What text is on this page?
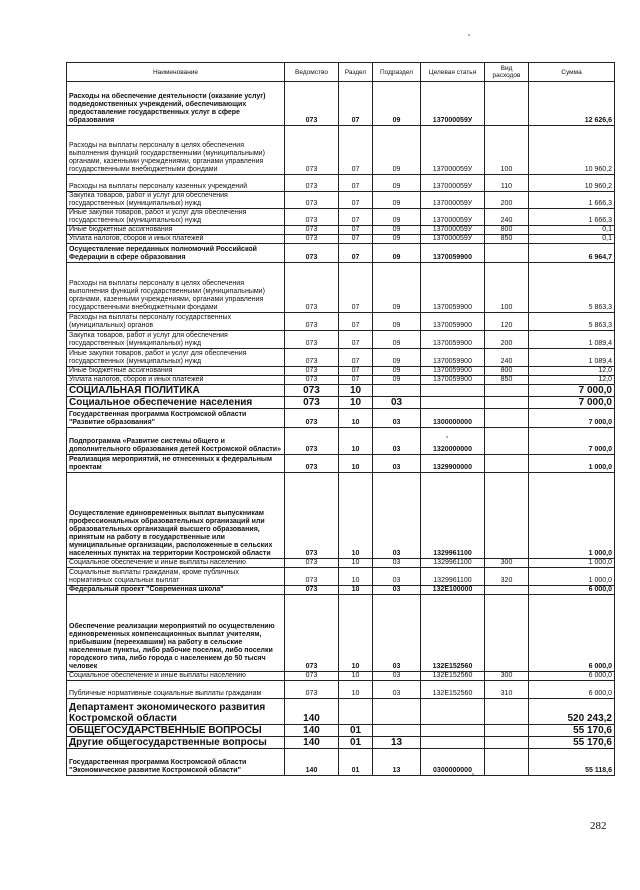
Наименование	Ведомство	Раздел	Подраздел	Целевая статья	Вид расходов	Сумма
Расходы на обеспечение деятельности (оказание услуг) подведомственных учреждений, обеспечивающих предоставление государственных услуг в сфере образования	073	07	09	137000059У		12 626,6
Расходы на выплаты персоналу в целях обеспечения выполнения функций государственными (муниципальными) органами, казенными учреждениями, органами управления государственными внебюджетными фондами	073	07	09	137000059У	100	10 960,2
Расходы на выплаты персоналу казенных учреждений	073	07	09	137000059У	110	10 960,2
Закупка товаров, работ и услуг для обеспечения государственных (муниципальных) нужд	073	07	09	137000059У	200	1 666,3
Иные закупки товаров, работ и услуг для обеспечения государственных (муниципальных) нужд	073	07	09	137000059У	240	1 666,3
Иные бюджетные ассигнования	073	07	09	137000059У	800	0,1
Уплата налогов, сборов и иных платежей	073	07	09	137000059У	850	0,1
Осуществление переданных полномочий Российской Федерации в сфере образования	073	07	09	1370059900		6 964,7
Расходы на выплаты персоналу в целях обеспечения выполнения функций государственными (муниципальными) органами, казенными учреждениями, органами управления государственными внебюджетными фондами	073	07	09	1370059900	100	5 863,3
Расходы на выплаты персоналу государственных (муниципальных) органов	073	07	09	1370059900	120	5 863,3
Закупка товаров, работ и услуг для обеспечения государственных (муниципальных) нужд	073	07	09	1370059900	200	1 089,4
Иные закупки товаров, работ и услуг для обеспечения государственных (муниципальных) нужд	073	07	09	1370059900	240	1 089,4
Иные бюджетные ассигнования	073	07	09	1370059900	800	12,0
Уплата налогов, сборов и иных платежей	073	07	09	1370059900	850	12,0
СОЦИАЛЬНАЯ ПОЛИТИКА	073	10				7 000,0
Социальное обеспечение населения	073	10	03			7 000,0
Государственная программа Костромской области "Развитие образования"	073	10	03	1300000000		7 000,0
Подпрограмма «Развитие системы общего и дополнительного образования детей Костромской области»	073	10	03	1320000000		7 000,0
Реализация мероприятий, не отнесенных к федеральным проектам	073	10	03	1329900000		1 000,0
Осуществление единовременных выплат выпускникам профессиональных образовательных организаций или образовательных организаций высшего образования, принятым на работу в государственные или муниципальные организации, расположенные в сельских населенных пунктах на территории Костромской области	073	10	03	1329961100		1 000,0
Социальное обеспечение и иные выплаты населению	073	10	03	1329961100	300	1 000,0
Социальные выплаты гражданам, кроме публичных нормативных социальных выплат	073	10	03	1329961100	320	1 000,0
Федеральный проект "Современная школа"	073	10	03	132E100000		6 000,0
Обеспечение реализации мероприятий по осуществлению единовременных компенсационных выплат учителям, прибывшим (переехавшим) на работу в сельские населенные пункты, либо рабочие поселки, либо поселки городского типа, либо города с населением до 50 тысяч человек	073	10	03	132E152560		6 000,0
Социальное обеспечение и иные выплаты населению	073	10	03	132E152560	300	6 000,0
Публичные нормативные социальные выплаты гражданам	073	10	03	132E152560	310	6 000,0
Департамент экономического развития Костромской области	140					520 243,2
ОБЩЕГОСУДАРСТВЕННЫЕ ВОПРОСЫ	140	01				55 170,6
Другие общегосударственные вопросы	140	01	13			55 170,6
Государственная программа Костромской области "Экономическое развитие Костромской области"	140	01	13	0300000000		55 118,6
282
